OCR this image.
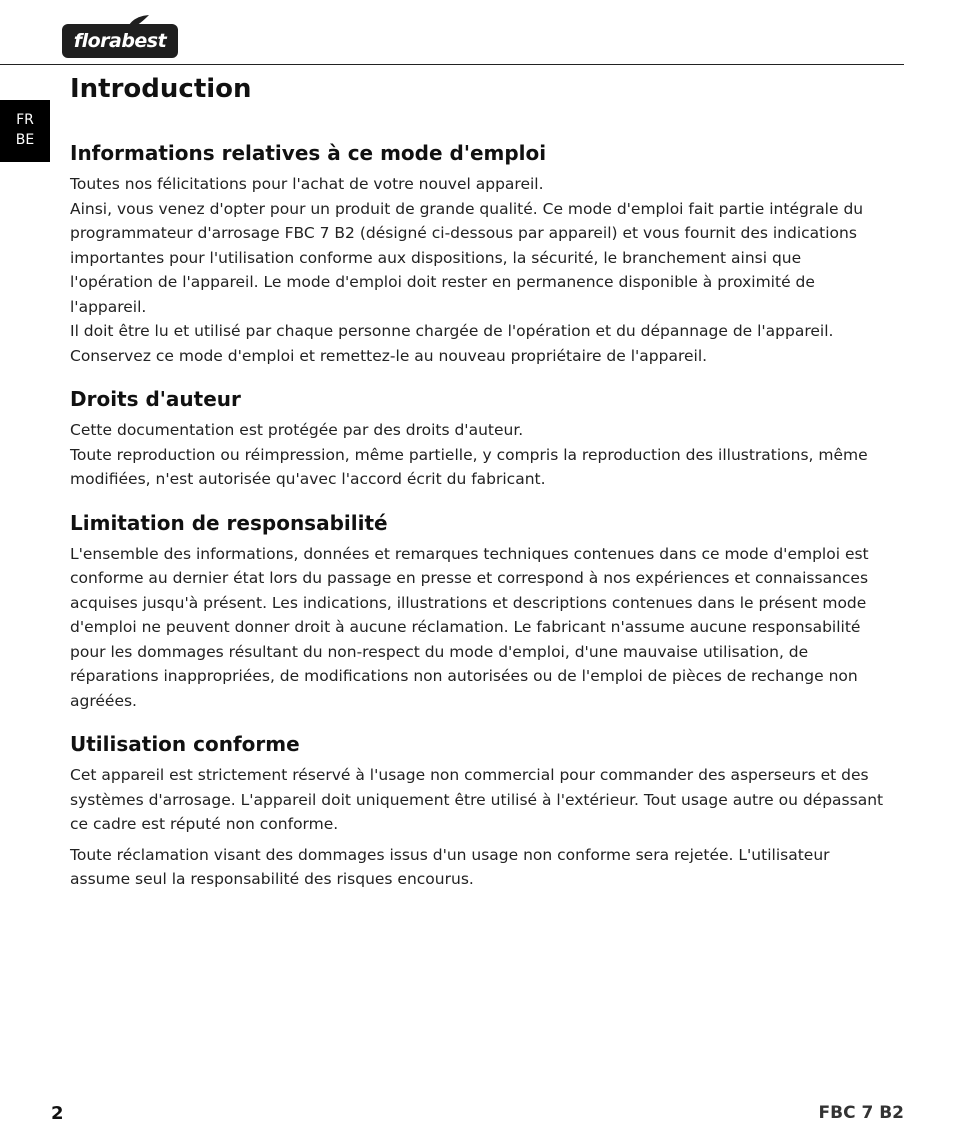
florabest
FR
BE
Introduction
Informations relatives à ce mode d'emploi

Toutes nos félicitations pour l'achat de votre nouvel appareil.

Ainsi, vous venez d'opter pour un produit de grande qualité. Ce mode d'emploi fait partie intégrale du programmateur d'arrosage FBC 7 B2 (désigné ci-dessous par appareil) et vous fournit des indications importantes pour l'utilisation conforme aux dispositions, la sécurité, le branchement ainsi que l'opération de l'appareil. Le mode d'emploi doit rester en permanence disponible à proximité de l'appareil.

Il doit être lu et utilisé par chaque personne chargée de l'opération et du dépannage de l'appareil.

Conservez ce mode d'emploi et remettez-le au nouveau propriétaire de l'appareil.

Droits d'auteur

Cette documentation est protégée par des droits d'auteur.

Toute reproduction ou réimpression, même partielle, y compris la reproduction des illustrations, même modifiées, n'est autorisée qu'avec l'accord écrit du fabricant.

Limitation de responsabilité

L'ensemble des informations, données et remarques techniques contenues dans ce mode d'emploi est conforme au dernier état lors du passage en presse et correspond à nos expériences et connaissances acquises jusqu'à présent. Les indications, illustrations et descriptions contenues dans le présent mode d'emploi ne peuvent donner droit à aucune réclamation. Le fabricant n'assume aucune responsabilité pour les dommages résultant du non-respect du mode d'emploi, d'une mauvaise utilisation, de réparations inappropriées, de modifications non autorisées ou de l'emploi de pièces de rechange non agréées.

Utilisation conforme

Cet appareil est strictement réservé à l'usage non commercial pour commander des asperseurs et des systèmes d'arrosage. L'appareil doit uniquement être utilisé à l'extérieur. Tout usage autre ou dépassant ce cadre est réputé non conforme.

Toute réclamation visant des dommages issus d'un usage non conforme sera rejetée. L'utilisateur assume seul la responsabilité des risques encourus.

2	FBC 7 B2
